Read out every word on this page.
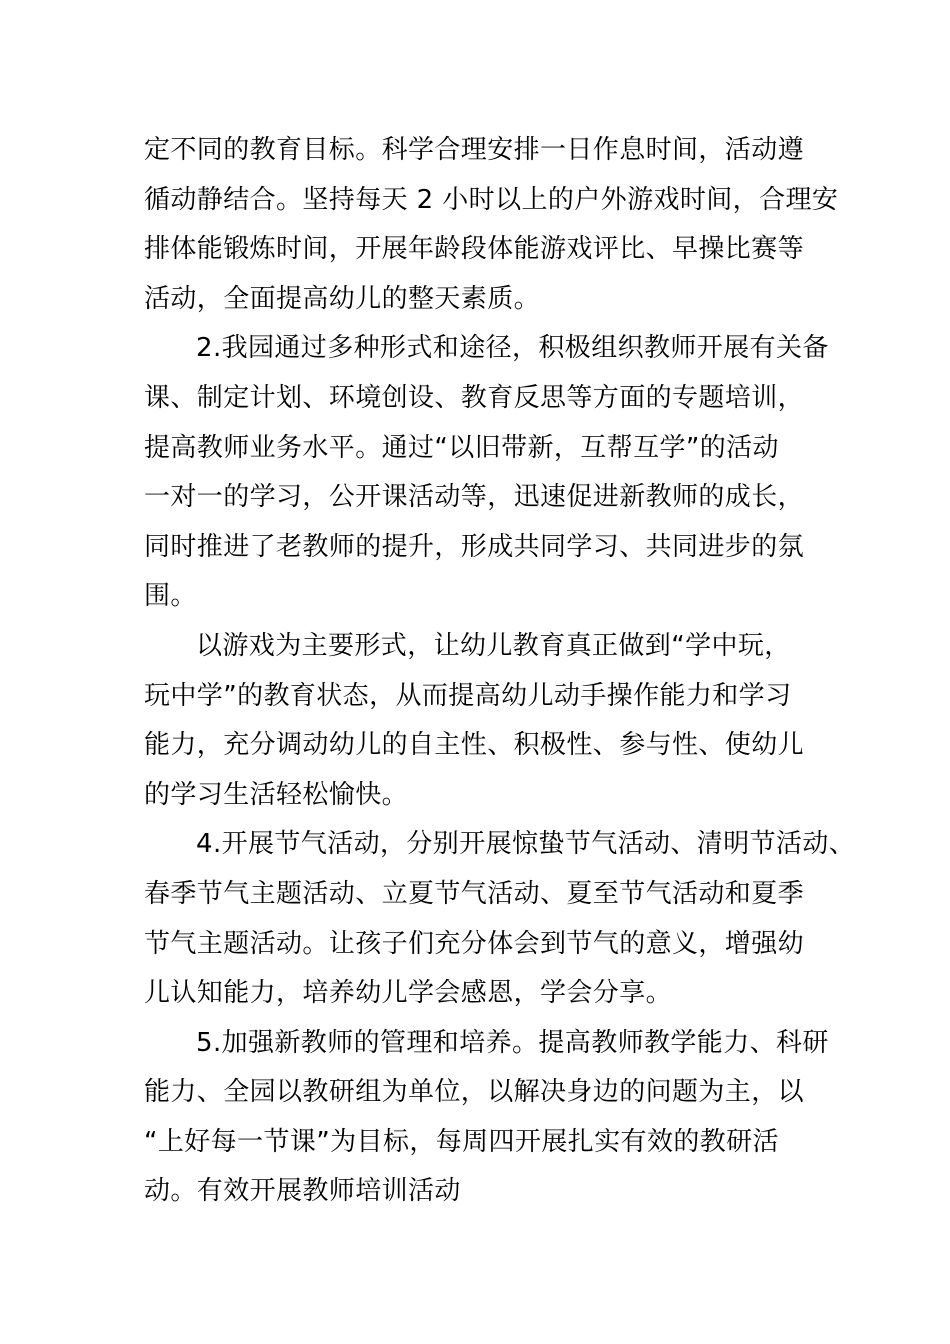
定不同的教育目标。科学合理安排一日作息时间，活动遵
循动静结合。坚持每天 2 小时以上的户外游戏时间，合理安
排体能锻炼时间，开展年龄段体能游戏评比、早操比赛等
活动，全面提高幼儿的整天素质。
2.我园通过多种形式和途径，积极组织教师开展有关备
课、制定计划、环境创设、教育反思等方面的专题培训，
提高教师业务水平。通过“以旧带新，互帮互学”的活动
一对一的学习，公开课活动等，迅速促进新教师的成长，
同时推进了老教师的提升，形成共同学习、共同进步的氛
围。
以游戏为主要形式，让幼儿教育真正做到“学中玩，
玩中学”的教育状态，从而提高幼儿动手操作能力和学习
能力，充分调动幼儿的自主性、积极性、参与性、使幼儿
的学习生活轻松愉快。
4.开展节气活动，分别开展惊蛰节气活动、清明节活动、
春季节气主题活动、立夏节气活动、夏至节气活动和夏季
节气主题活动。让孩子们充分体会到节气的意义，增强幼
儿认知能力，培养幼儿学会感恩，学会分享。
5.加强新教师的管理和培养。提高教师教学能力、科研
能力、全园以教研组为单位，以解决身边的问题为主，以
“上好每一节课”为目标，每周四开展扎实有效的教研活
动。有效开展教师培训活动
